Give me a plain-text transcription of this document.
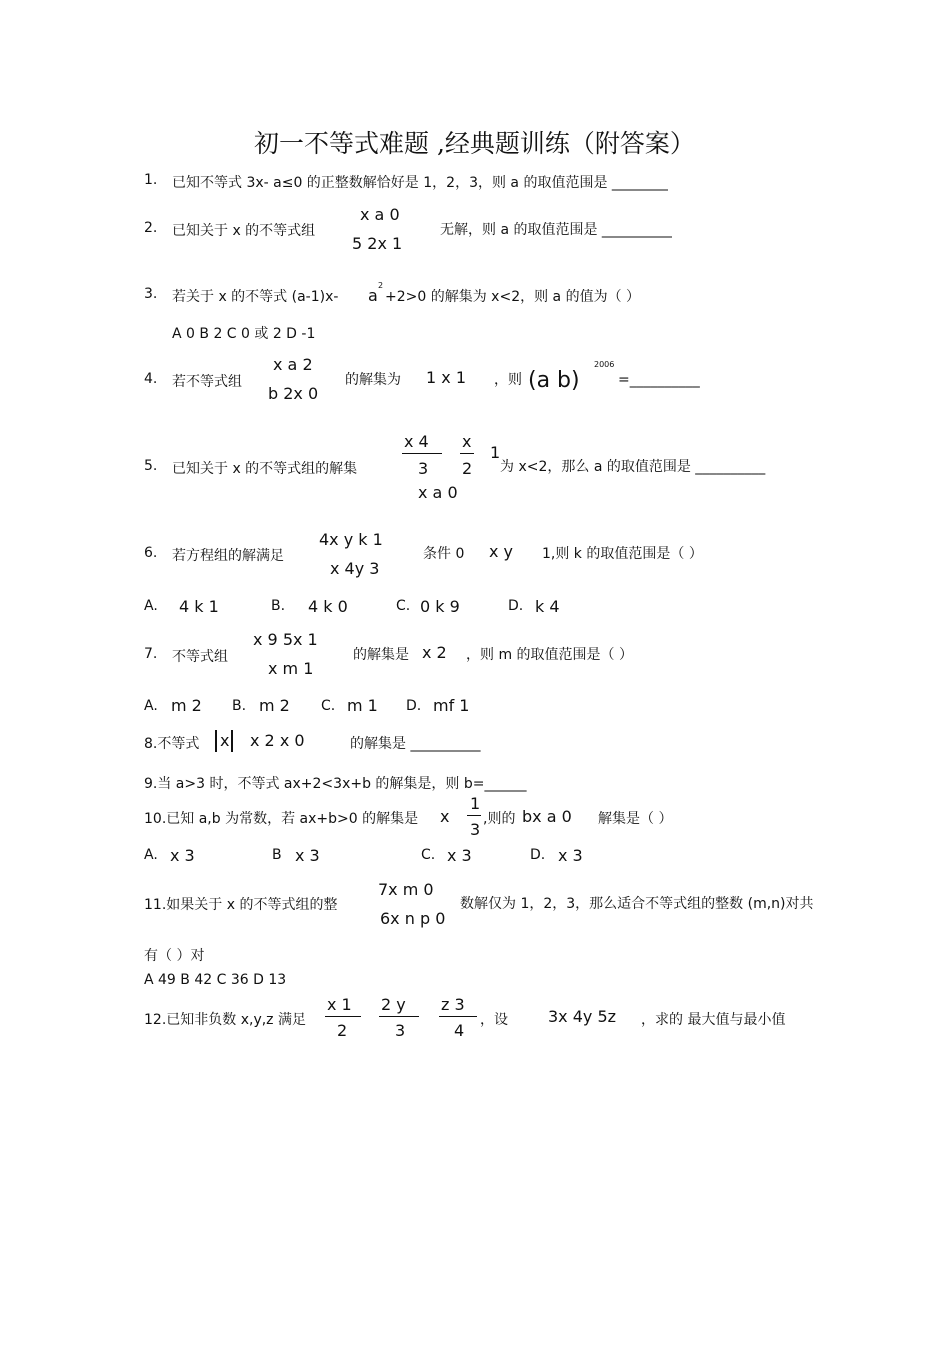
初一不等式难题 ,经典题训练（附答案）
1. 已知不等式 3x- a≤0 的正整数解恰好是 1，2，3，则 a 的取值范围是 ________
2. 已知关于 x 的不等式组
x a 0
5 2x 1
无解，则 a 的取值范围是 __________
3. 若关于 x 的不等式 (a-1)x- a
2
+2>0 的解集为 x<2，则 a 的值为（ ）
A 0 B 2 C 0 或 2 D -1
4. 若不等式组
x a 2
b 2x 0
的解集为 1 x 1 ，则 (a b)
2006
=__________
5. 已知关于 x 的不等式组的解集
x 4
3
x
2
1
x a 0
为 x<2，那么 a 的取值范围是 __________
6. 若方程组的解满足
4x y k 1
x 4y 3
条件 0 x y 1,则 k 的取值范围是（ ）
A. 4 k 1	B. 4 k 0	C. 0 k 9	D. k 4
7. 不等式组
x 9 5x 1
x m 1
的解集是 x 2 ，则 m 的取值范围是（ ）
A. m 2 B. m 2 C. m 1 D. mf 1
8.不等式 x x 2 x 0	的解集是 __________
9.当 a>3 时，不等式 ax+2<3x+b 的解集是，则 b=______
10.已知 a,b 为常数，若 ax+b>0 的解集是 x
1
3
,则的 bx a 0 解集是（ ）
A. x 3	B x 3	C. x 3	D. x 3
11.如果关于 x 的不等式组的整
7x m 0
6x n p 0
数解仅为 1，2，3，那么适合不等式组的整数 (m,n)对共
有（ ）对
A 49 B 42 C 36 D 13
12.已知非负数 x,y,z 满足
x 1
2
2 y
3
z 3
4
，设	3x 4y 5z ，求的 最大值与最小值
